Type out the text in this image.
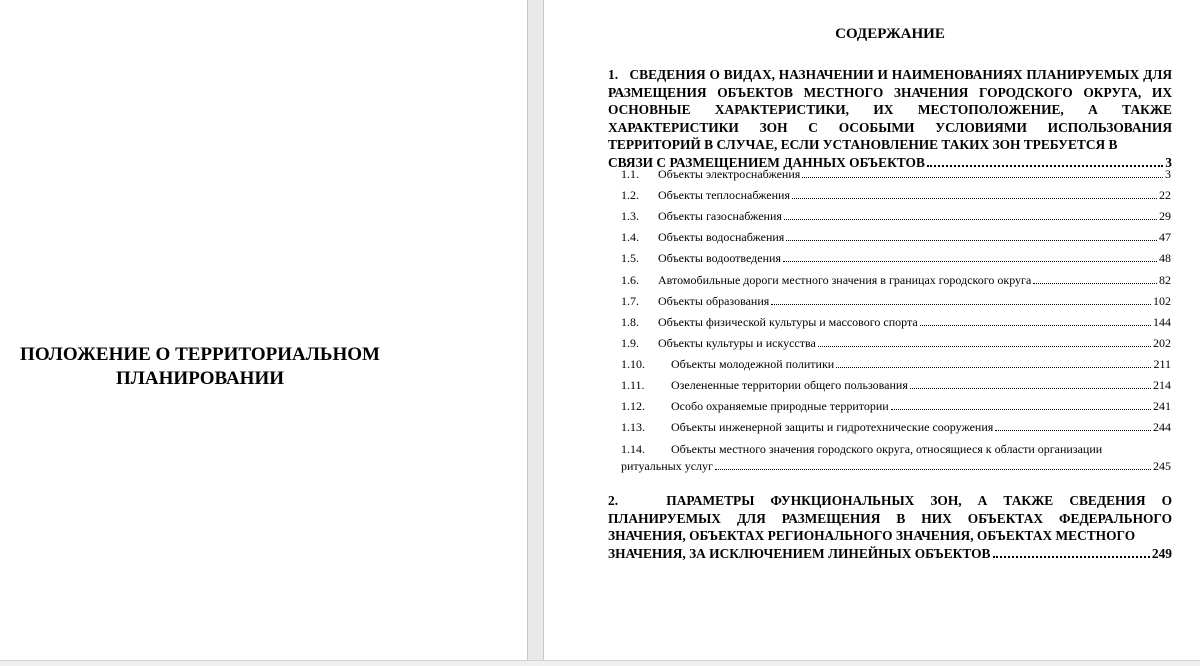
ПОЛОЖЕНИЕ О ТЕРРИТОРИАЛЬНОМ
ПЛАНИРОВАНИИ
СОДЕРЖАНИЕ
1. СВЕДЕНИЯ О ВИДАХ, НАЗНАЧЕНИИ И НАИМЕНОВАНИЯХ ПЛАНИРУЕМЫХ ДЛЯ РАЗМЕЩЕНИЯ ОБЪЕКТОВ МЕСТНОГО ЗНАЧЕНИЯ ГОРОДСКОГО ОКРУГА, ИХ ОСНОВНЫЕ ХАРАКТЕРИСТИКИ, ИХ МЕСТОПОЛОЖЕНИЕ, А ТАКЖЕ ХАРАКТЕРИСТИКИ ЗОН С ОСОБЫМИ УСЛОВИЯМИ ИСПОЛЬЗОВАНИЯ ТЕРРИТОРИЙ В СЛУЧАЕ, ЕСЛИ УСТАНОВЛЕНИЕ ТАКИХ ЗОН ТРЕБУЕТСЯ В
СВЯЗИ С РАЗМЕЩЕНИЕМ ДАННЫХ ОБЪЕКТОВ	3
1.1.	Объекты электроснабжения	3
1.2.	Объекты теплоснабжения	22
1.3.	Объекты газоснабжения	29
1.4.	Объекты водоснабжения	47
1.5.	Объекты водоотведения	48
1.6.	Автомобильные дороги местного значения в границах городского округа	82
1.7.	Объекты образования	102
1.8.	Объекты физической культуры и массового спорта	144
1.9.	Объекты культуры и искусства	202
1.10.	Объекты молодежной политики	211
1.11.	Озелененные территории общего пользования	214
1.12.	Особо охраняемые природные территории	241
1.13.	Объекты инженерной защиты и гидротехнические сооружения	244
1.14.	Объекты местного значения городского округа, относящиеся к области организации
ритуальных услуг	245
2.	ПАРАМЕТРЫ ФУНКЦИОНАЛЬНЫХ ЗОН, А ТАКЖЕ СВЕДЕНИЯ О ПЛАНИРУЕМЫХ ДЛЯ РАЗМЕЩЕНИЯ В НИХ ОБЪЕКТАХ ФЕДЕРАЛЬНОГО ЗНАЧЕНИЯ, ОБЪЕКТАХ РЕГИОНАЛЬНОГО ЗНАЧЕНИЯ, ОБЪЕКТАХ МЕСТНОГО
ЗНАЧЕНИЯ, ЗА ИСКЛЮЧЕНИЕМ ЛИНЕЙНЫХ ОБЪЕКТОВ	249
